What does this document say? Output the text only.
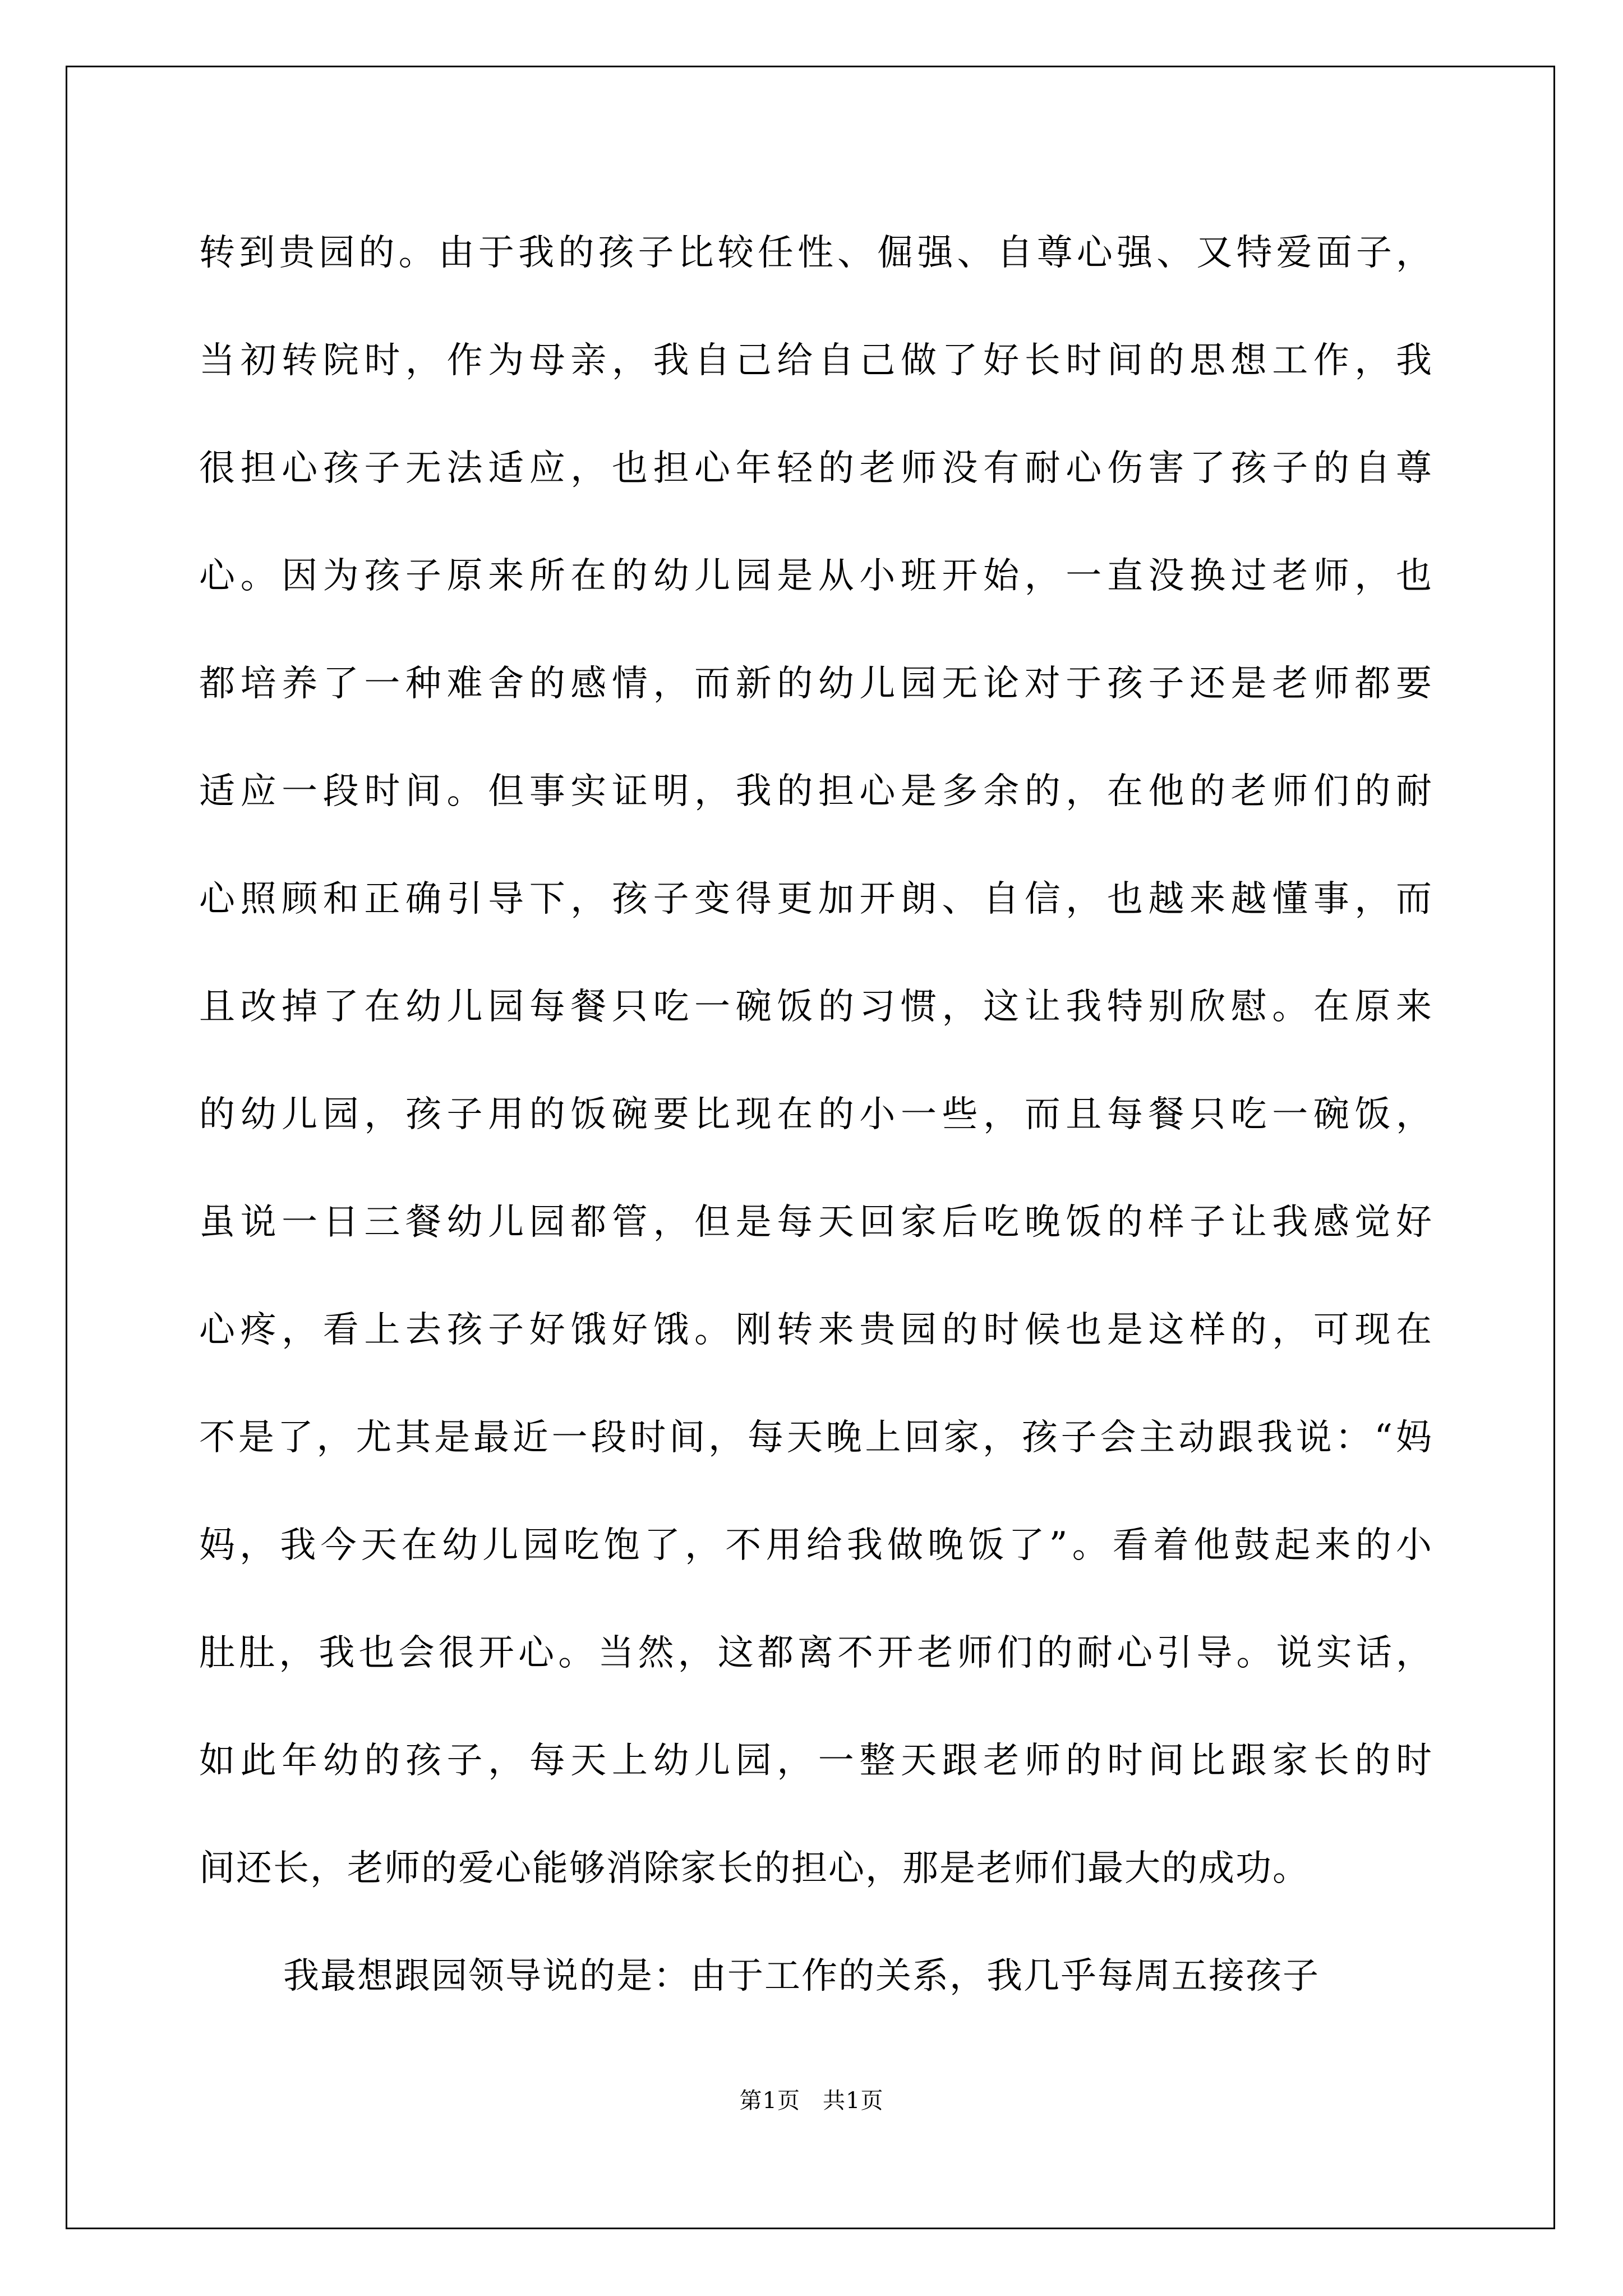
转到贵园的。由于我的孩子比较任性、倔强、自尊心强、又特爱面子，
当初转院时，作为母亲，我自己给自己做了好长时间的思想工作，我
很担心孩子无法适应，也担心年轻的老师没有耐心伤害了孩子的自尊
心。因为孩子原来所在的幼儿园是从小班开始，一直没换过老师，也
都培养了一种难舍的感情，而新的幼儿园无论对于孩子还是老师都要
适应一段时间。但事实证明，我的担心是多余的，在他的老师们的耐
心照顾和正确引导下，孩子变得更加开朗、自信，也越来越懂事，而
且改掉了在幼儿园每餐只吃一碗饭的习惯，这让我特别欣慰。在原来
的幼儿园，孩子用的饭碗要比现在的小一些，而且每餐只吃一碗饭，
虽说一日三餐幼儿园都管，但是每天回家后吃晚饭的样子让我感觉好
心疼，看上去孩子好饿好饿。刚转来贵园的时候也是这样的，可现在
不是了，尤其是最近一段时间，每天晚上回家，孩子会主动跟我说：“妈
妈，我今天在幼儿园吃饱了，不用给我做晚饭了”。看着他鼓起来的小
肚肚，我也会很开心。当然，这都离不开老师们的耐心引导。说实话，
如此年幼的孩子，每天上幼儿园，一整天跟老师的时间比跟家长的时
间还长，老师的爱心能够消除家长的担心，那是老师们最大的成功。
我最想跟园领导说的是：由于工作的关系，我几乎每周五接孩子
第1页 共1页
